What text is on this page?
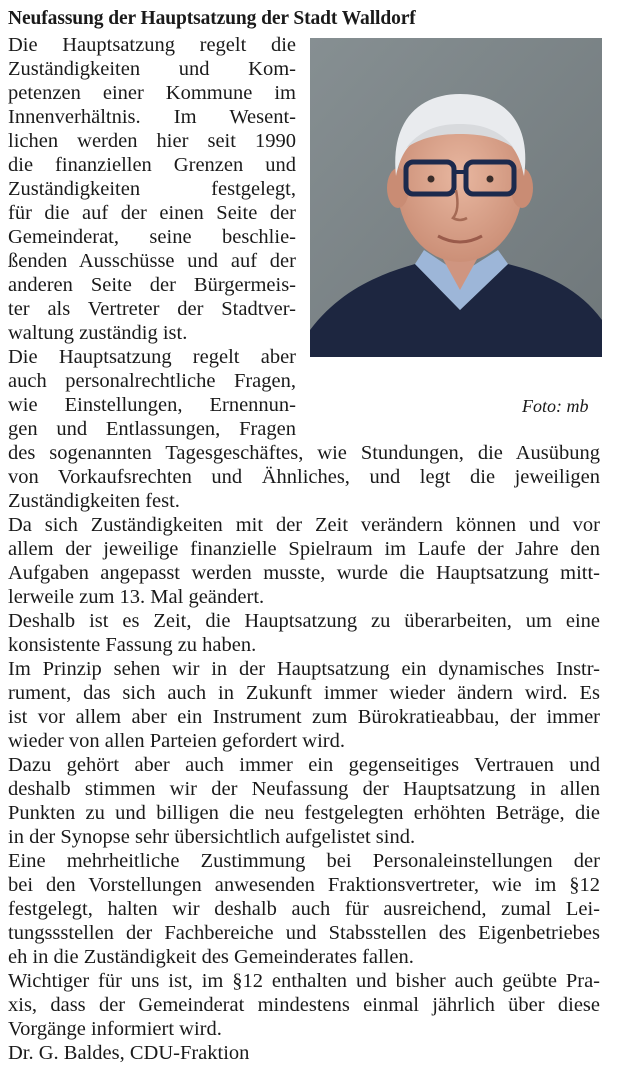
Neufassung der Hauptsatzung der Stadt Walldorf

Foto: mb

Die Hauptsatzung regelt die
Zuständigkeiten und Kom-
petenzen einer Kommune im
Innenverhältnis. Im Wesent-
lichen werden hier seit 1990
die finanziellen Grenzen und
Zuständigkeiten festgelegt,
für die auf der einen Seite der
Gemeinderat, seine beschlie-
ßenden Ausschüsse und auf der
anderen Seite der Bürgermeis-
ter als Vertreter der Stadtver-
waltung zuständig ist.
Die Hauptsatzung regelt aber
auch personalrechtliche Fragen,
wie Einstellungen, Ernennun-
gen und Entlassungen, Fragen
des sogenannten Tagesgeschäftes, wie Stundungen, die Ausübung
von Vorkaufsrechten und Ähnliches, und legt die jeweiligen
Zuständigkeiten fest.
Da sich Zuständigkeiten mit der Zeit verändern können und vor
allem der jeweilige finanzielle Spielraum im Laufe der Jahre den
Aufgaben angepasst werden musste, wurde die Hauptsatzung mitt-
lerweile zum 13. Mal geändert.
Deshalb ist es Zeit, die Hauptsatzung zu überarbeiten, um eine
konsistente Fassung zu haben.
Im Prinzip sehen wir in der Hauptsatzung ein dynamisches Instr-
rument, das sich auch in Zukunft immer wieder ändern wird. Es
ist vor allem aber ein Instrument zum Bürokratieabbau, der immer
wieder von allen Parteien gefordert wird.
Dazu gehört aber auch immer ein gegenseitiges Vertrauen und
deshalb stimmen wir der Neufassung der Hauptsatzung in allen
Punkten zu und billigen die neu festgelegten erhöhten Beträge, die
in der Synopse sehr übersichtlich aufgelistet sind.
Eine mehrheitliche Zustimmung bei Personaleinstellungen der
bei den Vorstellungen anwesenden Fraktionsvertreter, wie im §12
festgelegt, halten wir deshalb auch für ausreichend, zumal Lei-
tungssstellen der Fachbereiche und Stabsstellen des Eigenbetriebes
eh in die Zuständigkeit des Gemeinderates fallen.
Wichtiger für uns ist, im §12 enthalten und bisher auch geübte Pra-
xis, dass der Gemeinderat mindestens einmal jährlich über diese
Vorgänge informiert wird.
Dr. G. Baldes, CDU-Fraktion
